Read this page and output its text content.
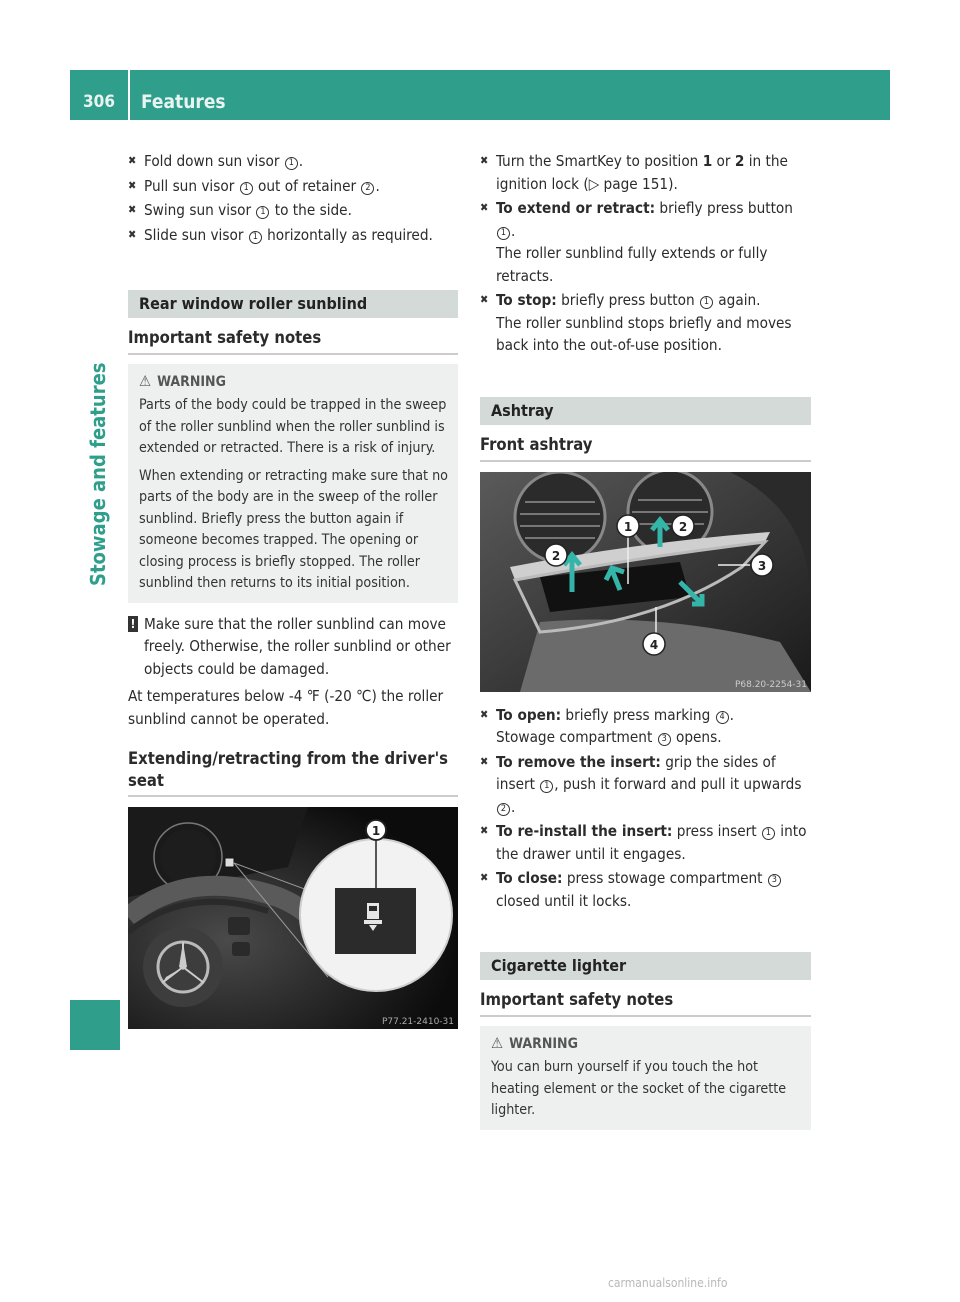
306	Features
Stowage and features
✖ Fold down sun visor 1 .
✖ Pull sun visor 1 out of retainer 2 .
✖ Swing sun visor 1 to the side.
✖ Slide sun visor 1 horizontally as required.
Rear window roller sunblind
Important safety notes
⚠ WARNING

Parts of the body could be trapped in the sweep of the roller sunblind when the roller sunblind is extended or retracted. There is a risk of injury.

When extending or retracting make sure that no parts of the body are in the sweep of the roller sunblind. Briefly press the button again if someone becomes trapped. The opening or closing process is briefly stopped. The roller sunblind then returns to its initial position.

! Make sure that the roller sunblind can move freely. Otherwise, the roller sunblind or other objects could be damaged.

At temperatures below -4 ℉ (-20 ℃) the roller sunblind cannot be operated.

Extending/retracting from the driver's seat
1
P77.21-2410-31
✖ Turn the SmartKey to position 1 or 2 in the ignition lock (▷ page 151).
✖ To extend or retract: briefly press button 1 .
The roller sunblind fully extends or fully retracts.
✖ To stop: briefly press button 1 again.
The roller sunblind stops briefly and moves back into the out-of-use position.
Ashtray
Front ashtray
1	2
2
3
4
P68.20-2254-31
✖ To open: briefly press marking 4 .
Stowage compartment 3 opens.
✖ To remove the insert: grip the sides of insert 1 , push it forward and pull it upwards 2 .
✖ To re-install the insert: press insert 1 into the drawer until it engages.
✖ To close: press stowage compartment 3 closed until it locks.
Cigarette lighter
Important safety notes
⚠ WARNING

You can burn yourself if you touch the hot heating element or the socket of the cigarette lighter.

carmanualsonline.info
